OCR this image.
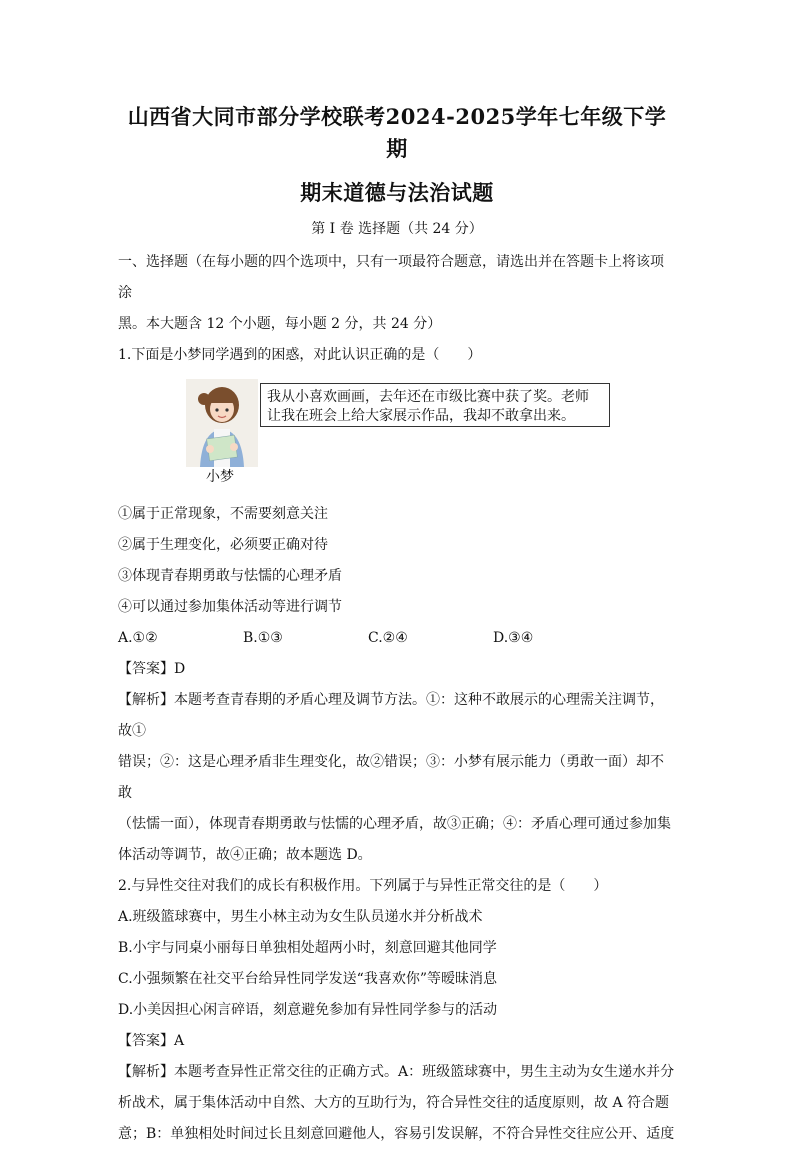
山西省大同市部分学校联考2024-2025学年七年级下学期
期末道德与法治试题
第 I 卷 选择题（共 24 分）

一、选择题（在每小题的四个选项中，只有一项最符合题意，请选出并在答题卡上将该项涂

黑。本大题含 12 个小题，每小题 2 分，共 24 分）

1.下面是小梦同学遇到的困惑，对此认识正确的是（　　）

小梦
我从小喜欢画画，去年还在市级比赛中获了奖。老师
让我在班会上给大家展示作品，我却不敢拿出来。

①属于正常现象，不需要刻意关注

②属于生理变化，必须要正确对待

③体现青春期勇敢与怯懦的心理矛盾

④可以通过参加集体活动等进行调节

A.①②	B.①③	C.②④	D.③④

【答案】D

【解析】本题考查青春期的矛盾心理及调节方法。①：这种不敢展示的心理需关注调节，故①

错误；②：这是心理矛盾非生理变化，故②错误；③：小梦有展示能力（勇敢一面）却不敢

（怯懦一面），体现青春期勇敢与怯懦的心理矛盾，故③正确；④：矛盾心理可通过参加集

体活动等调节，故④正确；故本题选 D。

2.与异性交往对我们的成长有积极作用。下列属于与异性正常交往的是（　　）

A.班级篮球赛中，男生小林主动为女生队员递水并分析战术

B.小宇与同桌小丽每日单独相处超两小时，刻意回避其他同学

C.小强频繁在社交平台给异性同学发送“我喜欢你”等暧昧消息

D.小美因担心闲言碎语，刻意避免参加有异性同学参与的活动

【答案】A

【解析】本题考查异性正常交往的正确方式。A：班级篮球赛中，男生主动为女生递水并分

析战术，属于集体活动中自然、大方的互助行为，符合异性交往的适度原则，故 A 符合题

意；B：单独相处时间过长且刻意回避他人，容易引发误解，不符合异性交往应公开、适度
